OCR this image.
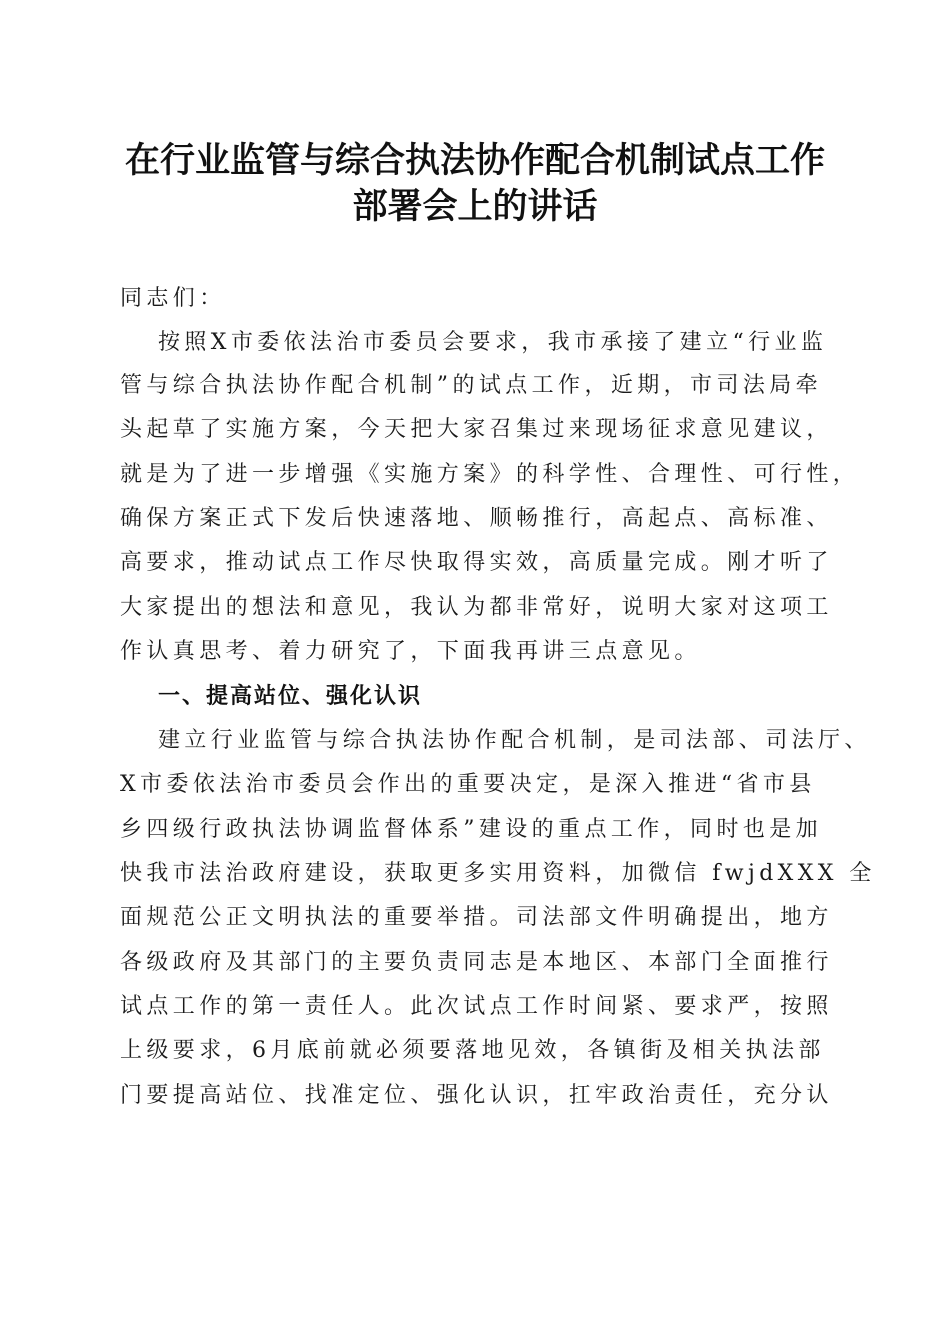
在行业监管与综合执法协作配合机制试点工作
部署会上的讲话
同志们：
按照X市委依法治市委员会要求，我市承接了建立“行业监
管与综合执法协作配合机制”的试点工作，近期，市司法局牵
头起草了实施方案，今天把大家召集过来现场征求意见建议，
就是为了进一步增强《实施方案》的科学性、合理性、可行性，
确保方案正式下发后快速落地、顺畅推行，高起点、高标准、
高要求，推动试点工作尽快取得实效，高质量完成。刚才听了
大家提出的想法和意见，我认为都非常好，说明大家对这项工
作认真思考、着力研究了，下面我再讲三点意见。
一、提高站位、强化认识
建立行业监管与综合执法协作配合机制，是司法部、司法厅、
X市委依法治市委员会作出的重要决定，是深入推进“省市县
乡四级行政执法协调监督体系”建设的重点工作，同时也是加
快我市法治政府建设，获取更多实用资料，加微信 fwjdXXX 全
面规范公正文明执法的重要举措。司法部文件明确提出，地方
各级政府及其部门的主要负责同志是本地区、本部门全面推行
试点工作的第一责任人。此次试点工作时间紧、要求严，按照
上级要求，6月底前就必须要落地见效，各镇街及相关执法部
门要提高站位、找准定位、强化认识，扛牢政治责任，充分认
